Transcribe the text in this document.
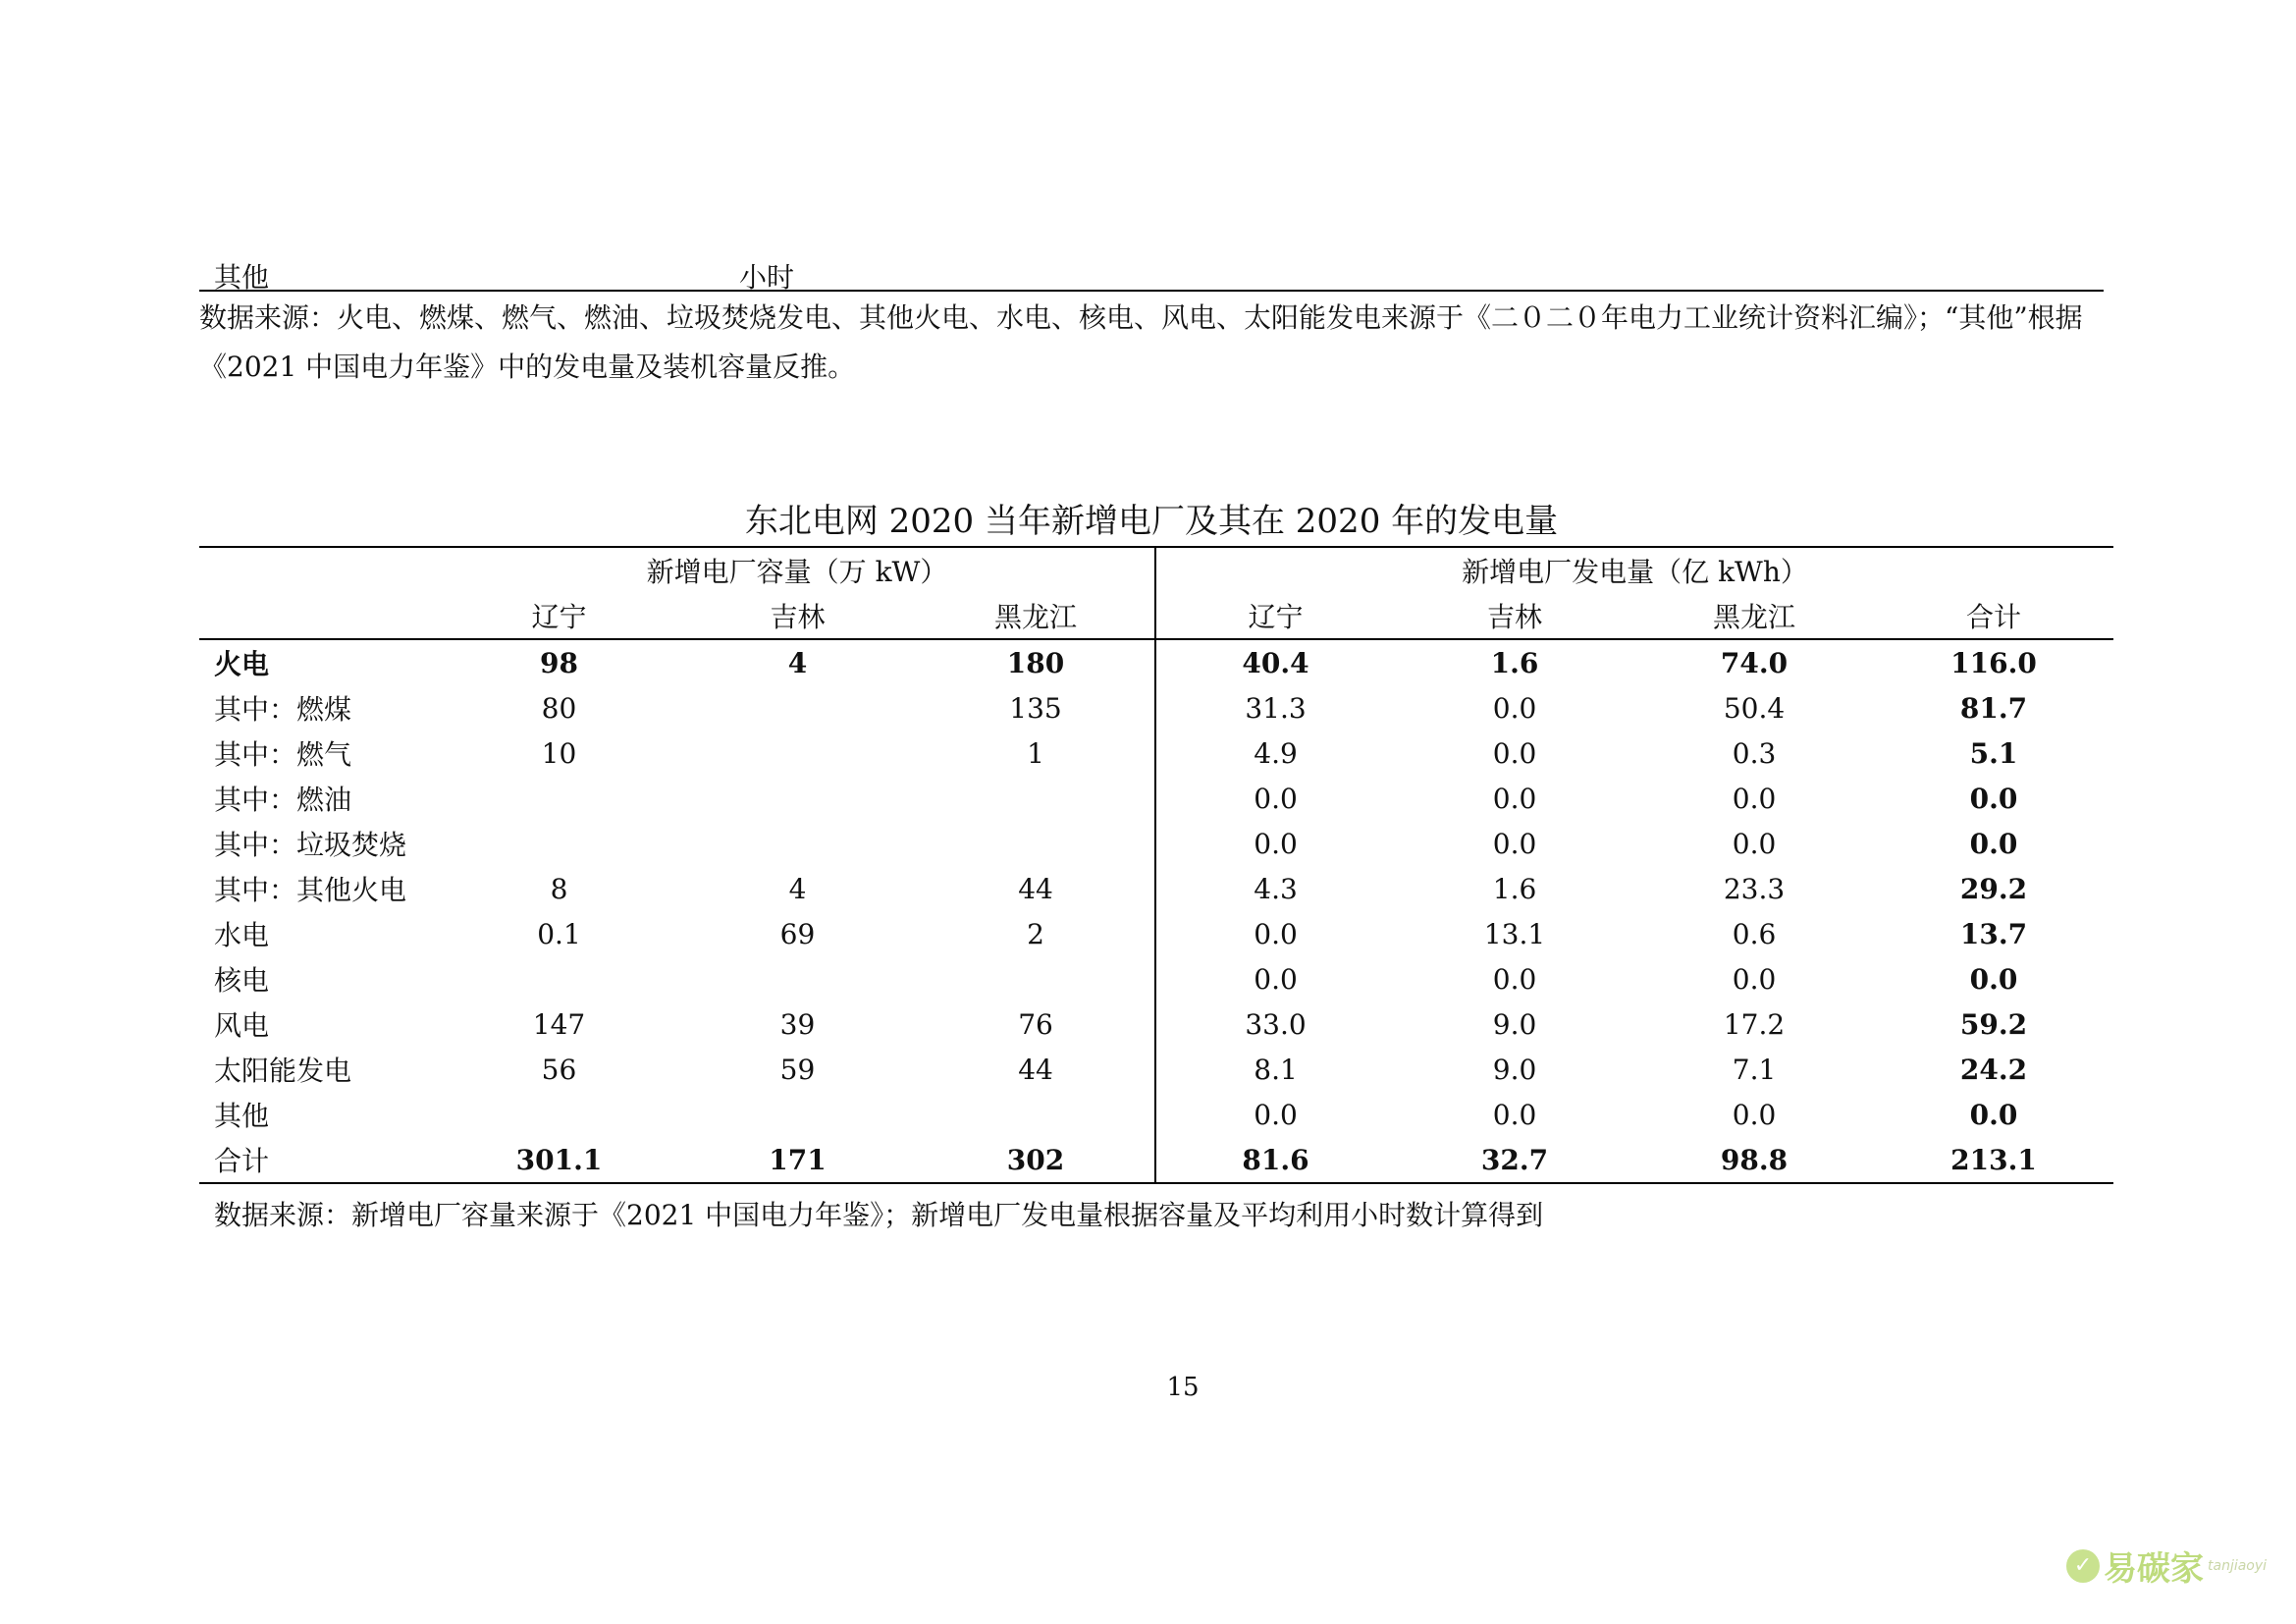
其他	小时
数据来源：火电、燃煤、燃气、燃油、垃圾焚烧发电、其他火电、水电、核电、风电、太阳能发电来源于《二０二０年电力工业统计资料汇编》；“其他”根据《2021 中国电力年鉴》中的发电量及装机容量反推。
东北电网 2020 当年新增电厂及其在 2020 年的发电量
	新增电厂容量（万 kW）			新增电厂发电量（亿 kWh）			
	辽宁	吉林	黑龙江	辽宁	吉林	黑龙江	合计
火电	98	4	180	40.4	1.6	74.0	116.0
其中：燃煤	80		135	31.3	0.0	50.4	81.7
其中：燃气	10		1	4.9	0.0	0.3	5.1
其中：燃油				0.0	0.0	0.0	0.0
其中：垃圾焚烧				0.0	0.0	0.0	0.0
其中：其他火电	8	4	44	4.3	1.6	23.3	29.2
水电	0.1	69	2	0.0	13.1	0.6	13.7
核电				0.0	0.0	0.0	0.0
风电	147	39	76	33.0	9.0	17.2	59.2
太阳能发电	56	59	44	8.1	9.0	7.1	24.2
其他				0.0	0.0	0.0	0.0
合计	301.1	171	302	81.6	32.7	98.8	213.1
数据来源：新增电厂容量来源于《2021 中国电力年鉴》；新增电厂发电量根据容量及平均利用小时数计算得到
15
✓ 易碳家 tanjiaoyi
